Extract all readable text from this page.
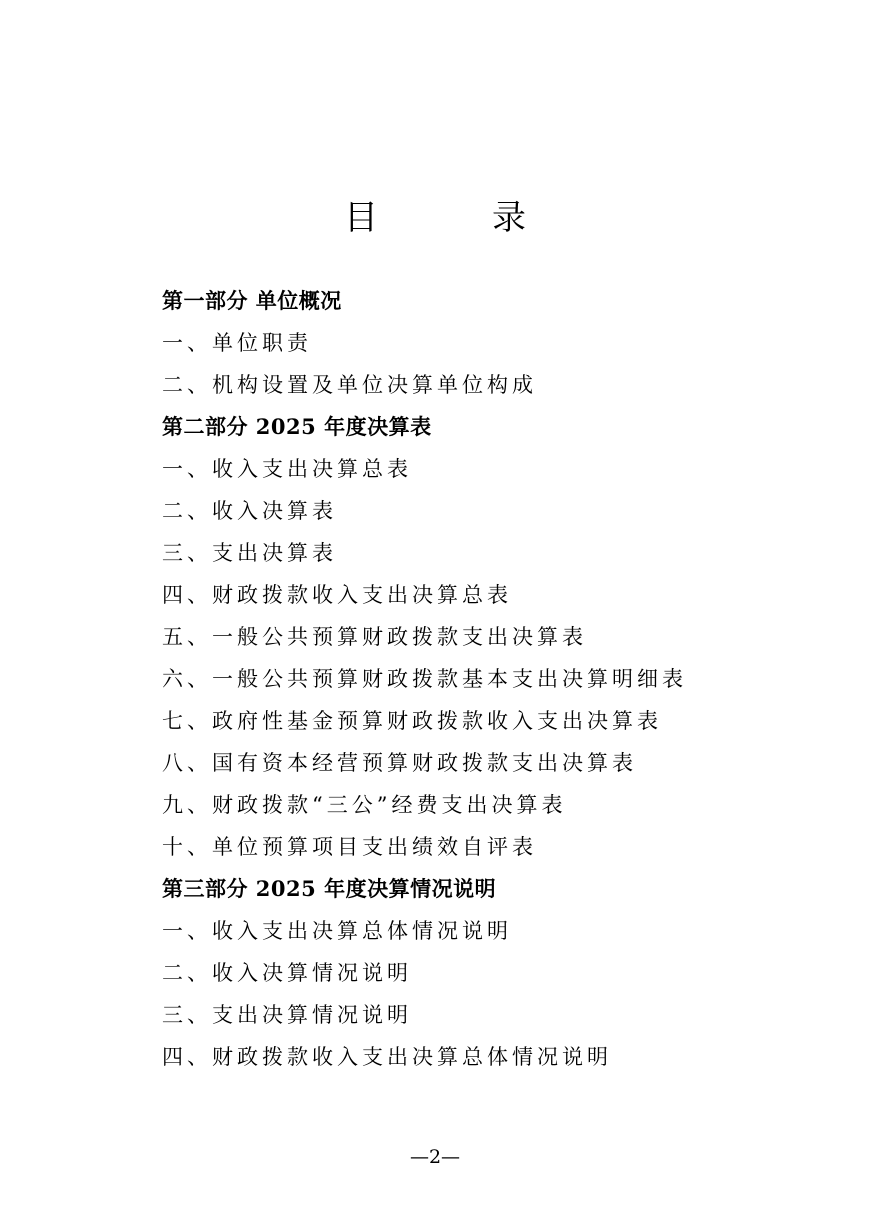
目　录
第一部分 单位概况
一、单位职责
二、机构设置及单位决算单位构成
第二部分 2025 年度决算表
一、收入支出决算总表
二、收入决算表
三、支出决算表
四、财政拨款收入支出决算总表
五、一般公共预算财政拨款支出决算表
六、一般公共预算财政拨款基本支出决算明细表
七、政府性基金预算财政拨款收入支出决算表
八、国有资本经营预算财政拨款支出决算表
九、财政拨款“三公”经费支出决算表
十、单位预算项目支出绩效自评表
第三部分 2025 年度决算情况说明
一、收入支出决算总体情况说明
二、收入决算情况说明
三、支出决算情况说明
四、财政拨款收入支出决算总体情况说明
—2—
